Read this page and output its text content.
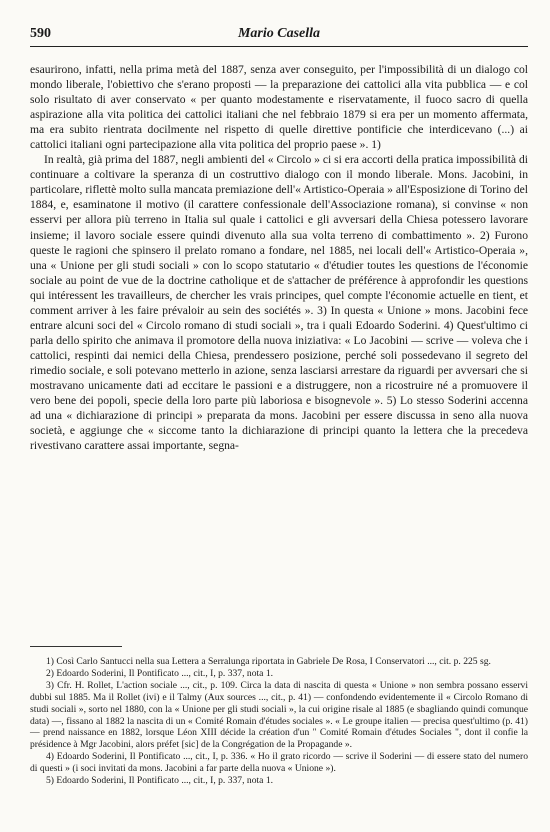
590	Mario Casella

esaurirono, infatti, nella prima metà del 1887, senza aver conseguito, per l'impossibilità di un dialogo col mondo liberale, l'obiettivo che s'erano proposti — la preparazione dei cattolici alla vita pubblica — e col solo risultato di aver conservato « per quanto modestamente e riservatamente, il fuoco sacro di quella aspirazione alla vita politica dei cattolici italiani che nel febbraio 1879 si era per un momento affermata, ma era subito rientrata docilmente nel rispetto di quelle direttive pontificie che interdicevano (...) ai cattolici italiani ogni partecipazione alla vita politica del proprio paese ». 1)

In realtà, già prima del 1887, negli ambienti del « Circolo » ci si era accorti della pratica impossibilità di continuare a coltivare la speranza di un costruttivo dialogo con il mondo liberale. Mons. Jacobini, in particolare, riflettè molto sulla mancata premiazione dell'« Artistico-Operaia » all'Esposizione di Torino del 1884, e, esaminatone il motivo (il carattere confessionale dell'Associazione romana), si convinse « non esservi per allora più terreno in Italia sul quale i cattolici e gli avversari della Chiesa potessero lavorare insieme; il lavoro sociale essere quindi divenuto alla sua volta terreno di combattimento ». 2) Furono queste le ragioni che spinsero il prelato romano a fondare, nel 1885, nei locali dell'« Artistico-Operaia », una « Unione per gli studi sociali » con lo scopo statutario « d'étudier toutes les questions de l'économie sociale au point de vue de la doctrine catholique et de s'attacher de préférence à approfondir les questions qui intéressent les travailleurs, de chercher les vrais principes, quel compte l'économie actuelle en tient, et comment arriver à les faire prévaloir au sein des sociétés ». 3) In questa « Unione » mons. Jacobini fece entrare alcuni soci del « Circolo romano di studi sociali », tra i quali Edoardo Soderini. 4) Quest'ultimo ci parla dello spirito che animava il promotore della nuova iniziativa: « Lo Jacobini — scrive — voleva che i cattolici, respinti dai nemici della Chiesa, prendessero posizione, perché soli possedevano il segreto del rimedio sociale, e soli potevano metterlo in azione, senza lasciarsi arrestare da riguardi per avversari che si mostravano unicamente dati ad eccitare le passioni e a distruggere, non a ricostruire né a promuovere il vero bene dei popoli, specie della loro parte più laboriosa e bisognevole ». 5) Lo stesso Soderini accenna ad una « dichiarazione di principi » preparata da mons. Jacobini per essere discussa in seno alla nuova società, e aggiunge che « siccome tanto la dichiarazione di principi quanto la lettera che la precedeva rivestivano carattere assai importante, segna-

1) Così Carlo Santucci nella sua Lettera a Serralunga riportata in Gabriele De Rosa, I Conservatori ..., cit. p. 225 sg.

2) Edoardo Soderini, Il Pontificato ..., cit., I, p. 337, nota 1.

3) Cfr. H. Rollet, L'action sociale ..., cit., p. 109. Circa la data di nascita di questa « Unione » non sembra possano esservi dubbi sul 1885. Ma il Rollet (ivi) e il Talmy (Aux sources ..., cit., p. 41) — confondendo evidentemente il « Circolo Romano di studi sociali », sorto nel 1880, con la « Unione per gli studi sociali », la cui origine risale al 1885 (e sbagliando quindi comunque data) —, fissano al 1882 la nascita di un « Comité Romain d'études sociales ». « Le groupe italien — precisa quest'ultimo (p. 41) — prend naissance en 1882, lorsque Léon XIII décide la création d'un " Comité Romain d'études Sociales ", dont il confie la présidence à Mgr Jacobini, alors préfet [sic] de la Congrégation de la Propagande ».

4) Edoardo Soderini, Il Pontificato ..., cit., I, p. 336. « Ho il grato ricordo — scrive il Soderini — di essere stato del numero di questi » (i soci invitati da mons. Jacobini a far parte della nuova « Unione »).

5) Edoardo Soderini, Il Pontificato ..., cit., I, p. 337, nota 1.
